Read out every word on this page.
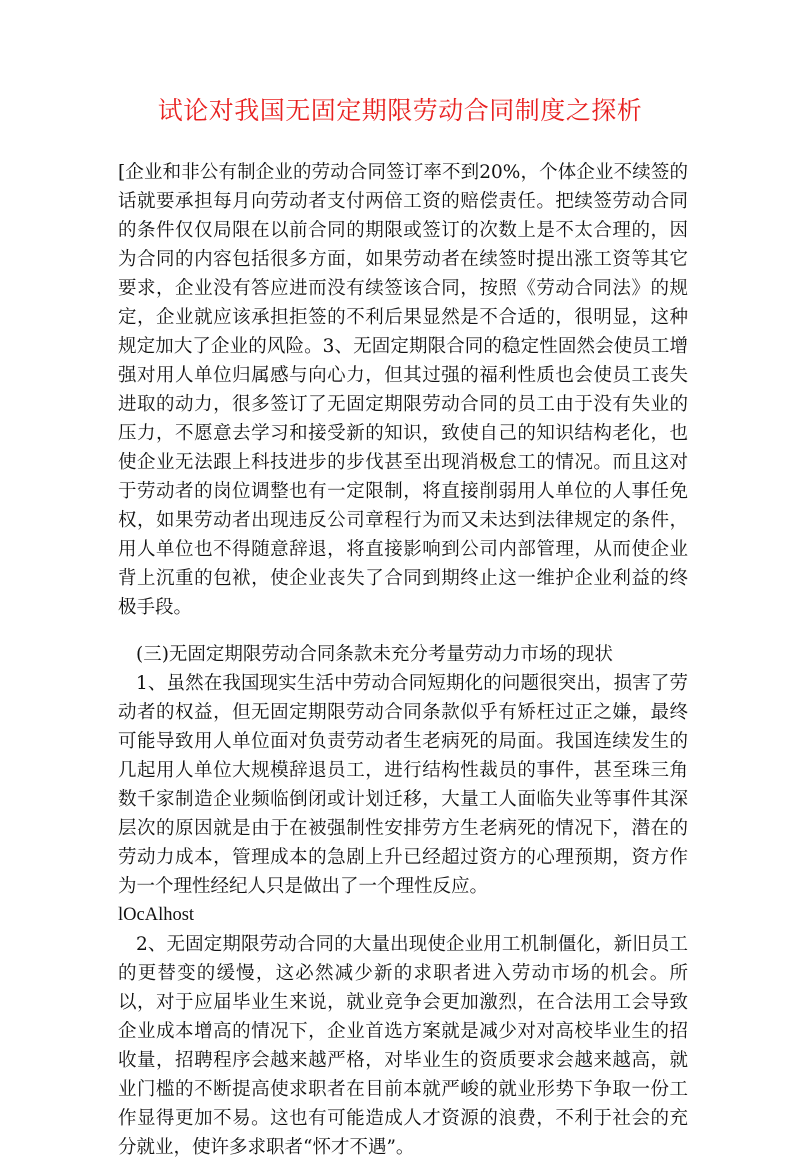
试论对我国无固定期限劳动合同制度之探析

[企业和非公有制企业的劳动合同签订率不到20%，个体企业不续签的话就要承担每月向劳动者支付两倍工资的赔偿责任。把续签劳动合同的条件仅仅局限在以前合同的期限或签订的次数上是不太合理的，因为合同的内容包括很多方面，如果劳动者在续签时提出涨工资等其它要求，企业没有答应进而没有续签该合同，按照《劳动合同法》的规定，企业就应该承担拒签的不利后果显然是不合适的，很明显，这种规定加大了企业的风险。3、无固定期限合同的稳定性固然会使员工增强对用人单位归属感与向心力，但其过强的福利性质也会使员工丧失进取的动力，很多签订了无固定期限劳动合同的员工由于没有失业的压力，不愿意去学习和接受新的知识，致使自己的知识结构老化，也使企业无法跟上科技进步的步伐甚至出现消极怠工的情况。而且这对于劳动者的岗位调整也有一定限制，将直接削弱用人单位的人事任免权，如果劳动者出现违反公司章程行为而又未达到法律规定的条件，用人单位也不得随意辞退，将直接影响到公司内部管理，从而使企业背上沉重的包袱，使企业丧失了合同到期终止这一维护企业利益的终极手段。

(三)无固定期限劳动合同条款未充分考量劳动力市场的现状

1、虽然在我国现实生活中劳动合同短期化的问题很突出，损害了劳动者的权益，但无固定期限劳动合同条款似乎有矫枉过正之嫌，最终可能导致用人单位面对负责劳动者生老病死的局面。我国连续发生的几起用人单位大规模辞退员工，进行结构性裁员的事件，甚至珠三角数千家制造企业频临倒闭或计划迁移，大量工人面临失业等事件其深层次的原因就是由于在被强制性安排劳方生老病死的情况下，潜在的劳动力成本，管理成本的急剧上升已经超过资方的心理预期，资方作为一个理性经纪人只是做出了一个理性反应。

lOcAlhost

2、无固定期限劳动合同的大量出现使企业用工机制僵化，新旧员工的更替变的缓慢，这必然减少新的求职者进入劳动市场的机会。所以，对于应届毕业生来说，就业竞争会更加激烈，在合法用工会导致企业成本增高的情况下，企业首选方案就是减少对对高校毕业生的招收量，招聘程序会越来越严格，对毕业生的资质要求会越来越高，就业门槛的不断提高使求职者在目前本就严峻的就业形势下争取一份工作显得更加不易。这也有可能造成人才资源的浪费，不利于社会的充分就业，使许多求职者“怀才不遇”。
